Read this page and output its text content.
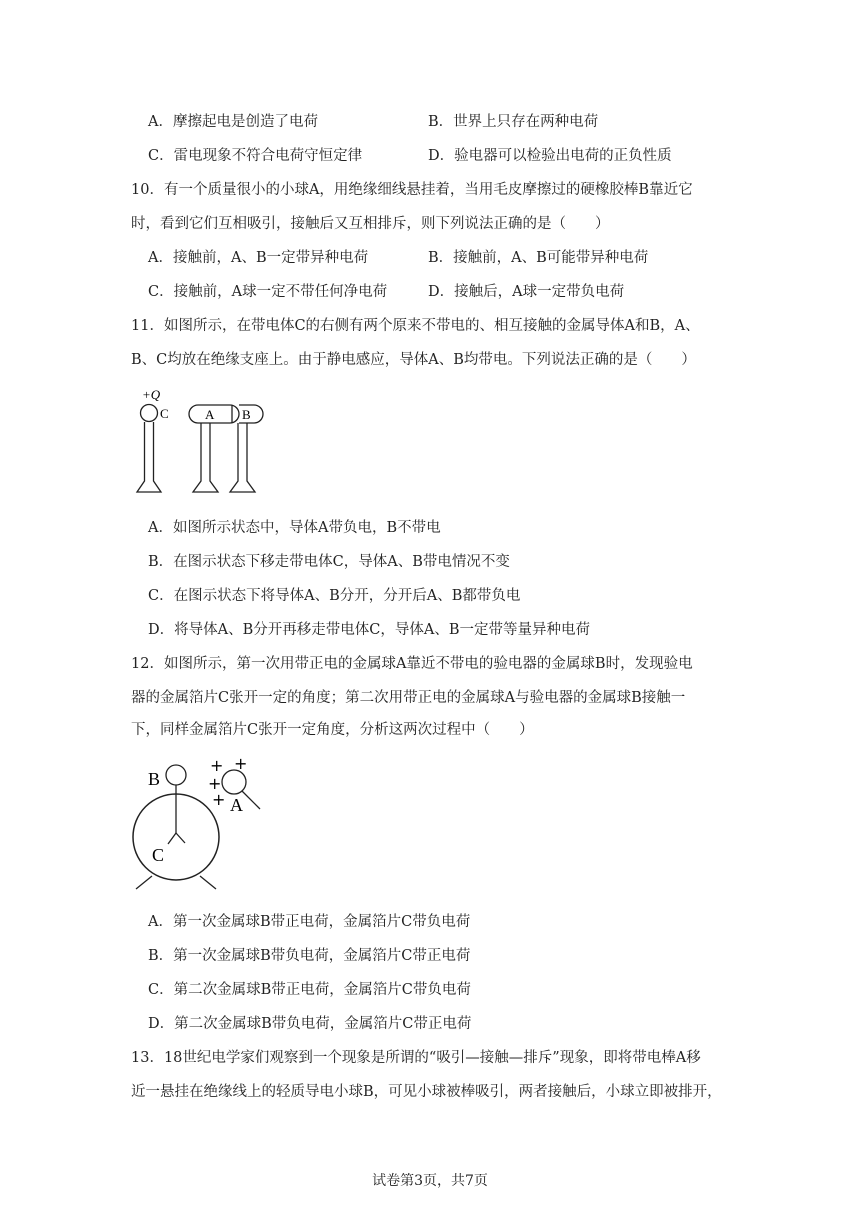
A．摩擦起电是创造了电荷	B．世界上只存在两种电荷
C．雷电现象不符合电荷守恒定律	D．验电器可以检验出电荷的正负性质
10．有一个质量很小的小球A，用绝缘细线悬挂着，当用毛皮摩擦过的硬橡胶棒B靠近它
时，看到它们互相吸引，接触后又互相排斥，则下列说法正确的是（　　）
A．接触前，A、B一定带异种电荷	B．接触前，A、B可能带异种电荷
C．接触前，A球一定不带任何净电荷	D．接触后，A球一定带负电荷
11．如图所示，在带电体C的右侧有两个原来不带电的、相互接触的金属导体A和B，A、
B、C均放在绝缘支座上。由于静电感应，导体A、B均带电。下列说法正确的是（　　）
+Q
C	A B
A．如图所示状态中，导体A带负电，B不带电
B．在图示状态下移走带电体C，导体A、B带电情况不变
C．在图示状态下将导体A、B分开，分开后A、B都带负电
D．将导体A、B分开再移走带电体C，导体A、B一定带等量异种电荷
12．如图所示，第一次用带正电的金属球A靠近不带电的验电器的金属球B时，发现验电
器的金属箔片C张开一定的角度；第二次用带正电的金属球A与验电器的金属球B接触一
下，同样金属箔片C张开一定角度，分析这两次过程中（　　）
B
C
+ +
+
+ A
A．第一次金属球B带正电荷，金属箔片C带负电荷
B．第一次金属球B带负电荷，金属箔片C带正电荷
C．第二次金属球B带正电荷，金属箔片C带负电荷
D．第二次金属球B带负电荷，金属箔片C带正电荷
13．18世纪电学家们观察到一个现象是所谓的“吸引—接触—排斥”现象，即将带电棒A移
近一悬挂在绝缘线上的轻质导电小球B，可见小球被棒吸引，两者接触后，小球立即被排开，
试卷第3页，共7页
